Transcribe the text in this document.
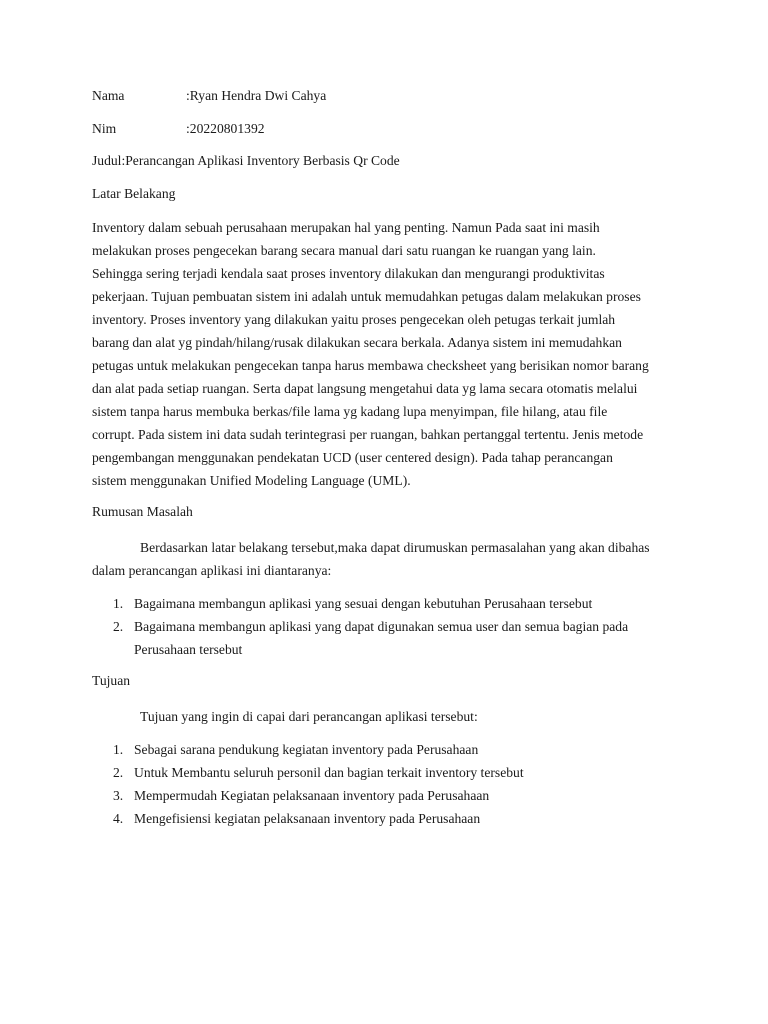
Nama	:Ryan Hendra Dwi Cahya
Nim	:20220801392
Judul:Perancangan Aplikasi Inventory Berbasis Qr Code
Latar Belakang
Inventory dalam sebuah perusahaan merupakan hal yang penting. Namun Pada saat ini masih
melakukan proses pengecekan barang secara manual dari satu ruangan ke ruangan yang lain.
Sehingga sering terjadi kendala saat proses inventory dilakukan dan mengurangi produktivitas
pekerjaan. Tujuan pembuatan sistem ini adalah untuk memudahkan petugas dalam melakukan proses
inventory. Proses inventory yang dilakukan yaitu proses pengecekan oleh petugas terkait jumlah
barang dan alat yg pindah/hilang/rusak dilakukan secara berkala. Adanya sistem ini memudahkan
petugas untuk melakukan pengecekan tanpa harus membawa checksheet yang berisikan nomor barang
dan alat pada setiap ruangan. Serta dapat langsung mengetahui data yg lama secara otomatis melalui
sistem tanpa harus membuka berkas/file lama yg kadang lupa menyimpan, file hilang, atau file
corrupt. Pada sistem ini data sudah terintegrasi per ruangan, bahkan pertanggal tertentu. Jenis metode
pengembangan menggunakan pendekatan UCD (user centered design). Pada tahap perancangan
sistem menggunakan Unified Modeling Language (UML).
Rumusan Masalah
Berdasarkan latar belakang tersebut,maka dapat dirumuskan permasalahan yang akan dibahas
dalam perancangan aplikasi ini diantaranya:
1. Bagaimana membangun aplikasi yang sesuai dengan kebutuhan Perusahaan tersebut
2. Bagaimana membangun aplikasi yang dapat digunakan semua user dan semua bagian pada
Perusahaan tersebut
Tujuan
Tujuan yang ingin di capai dari perancangan aplikasi tersebut:
1. Sebagai sarana pendukung kegiatan inventory pada Perusahaan
2. Untuk Membantu seluruh personil dan bagian terkait inventory tersebut
3. Mempermudah Kegiatan pelaksanaan inventory pada Perusahaan
4. Mengefisiensi kegiatan pelaksanaan inventory pada Perusahaan
